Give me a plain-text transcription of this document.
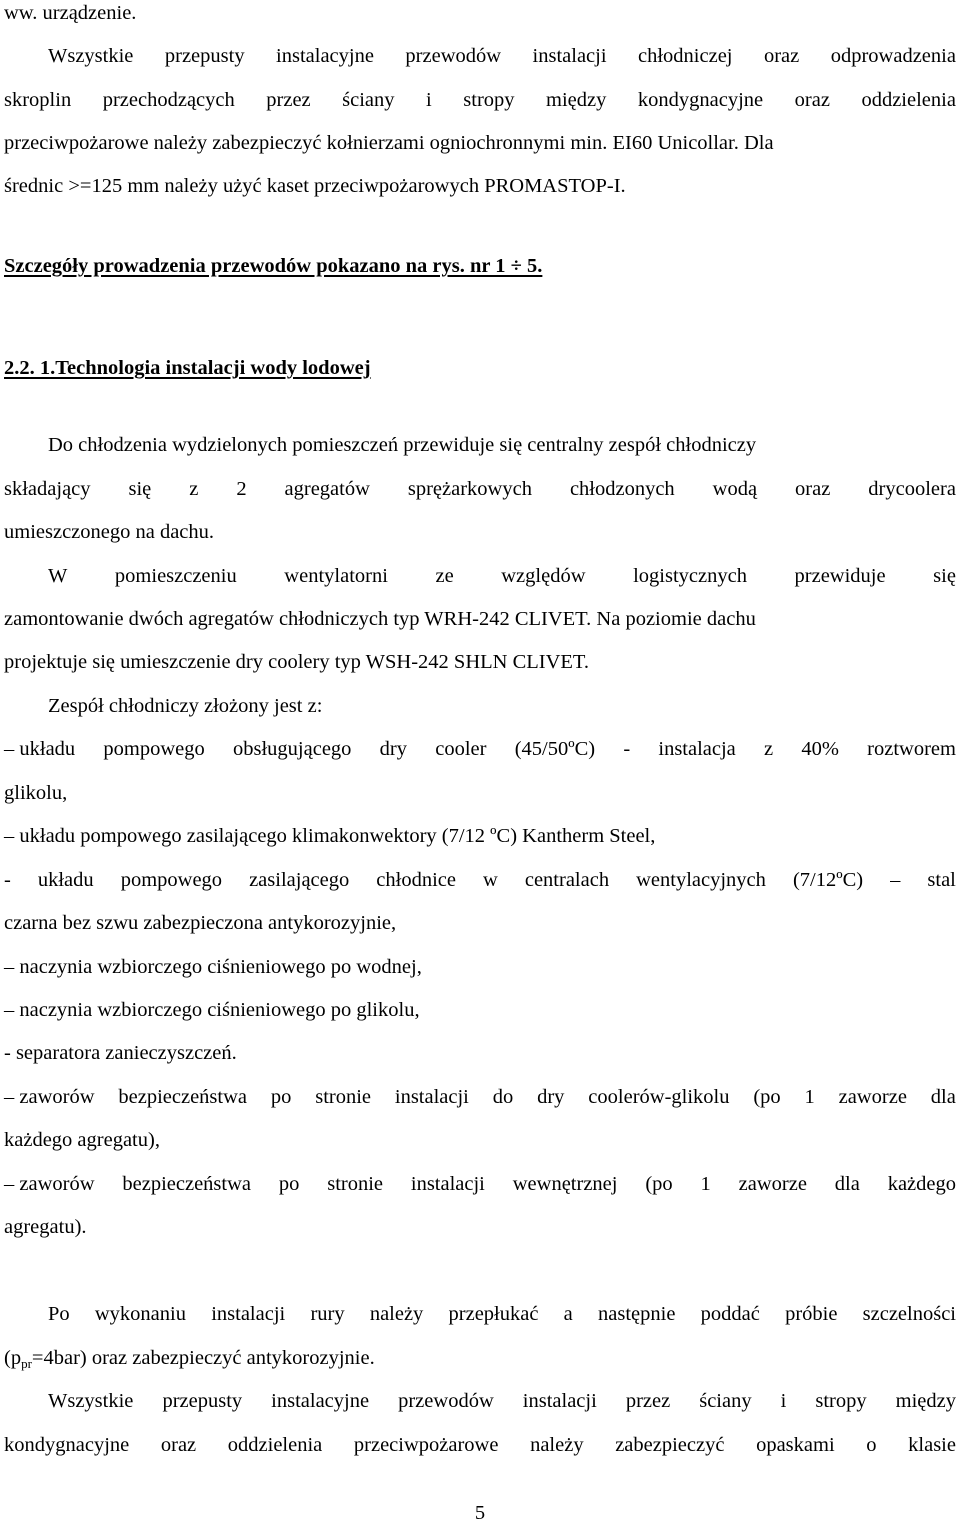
ww. urządzenie.
Wszystkie przepusty instalacyjne przewodów instalacji chłodniczej oraz odprowadzenia
skroplin przechodzących przez ściany i stropy między kondygnacyjne oraz oddzielenia
przeciwpożarowe należy zabezpieczyć kołnierzami ogniochronnymi min. EI60 Unicollar. Dla
średnic >=125 mm należy użyć kaset przeciwpożarowych PROMASTOP-I.
Szczegóły prowadzenia przewodów pokazano na rys. nr 1 ÷ 5.
2.2. 1.Technologia instalacji wody lodowej
Do chłodzenia wydzielonych pomieszczeń przewiduje się centralny zespół chłodniczy
składający się z 2 agregatów sprężarkowych chłodzonych wodą oraz drycoolera
umieszczonego na dachu.
W pomieszczeniu wentylatorni ze względów logistycznych przewiduje się
zamontowanie dwóch agregatów chłodniczych typ WRH-242 CLIVET. Na poziomie dachu
projektuje się umieszczenie dry coolery typ WSH-242 SHLN CLIVET.
Zespół chłodniczy złożony jest z:
– układu pompowego obsługującego dry cooler (45/50ºC) - instalacja z 40% roztworem
glikolu,
– układu pompowego zasilającego klimakonwektory (7/12 ºC) Kantherm Steel,
- układu pompowego zasilającego chłodnice w centralach wentylacyjnych (7/12ºC) – stal
czarna bez szwu zabezpieczona antykorozyjnie,
– naczynia wzbiorczego ciśnieniowego po wodnej,
– naczynia wzbiorczego ciśnieniowego po glikolu,
- separatora zanieczyszczeń.
– zaworów bezpieczeństwa po stronie instalacji do dry coolerów-glikolu (po 1 zaworze dla
każdego agregatu),
– zaworów bezpieczeństwa po stronie instalacji wewnętrznej (po 1 zaworze dla każdego
agregatu).
Po wykonaniu instalacji rury należy przepłukać a następnie poddać próbie szczelności
$(p_{pr}=4bar)$ oraz zabezpieczyć antykorozyjnie.
Wszystkie przepusty instalacyjne przewodów instalacji przez ściany i stropy między
kondygnacyjne oraz oddzielenia przeciwpożarowe należy zabezpieczyć opaskami o klasie
5
